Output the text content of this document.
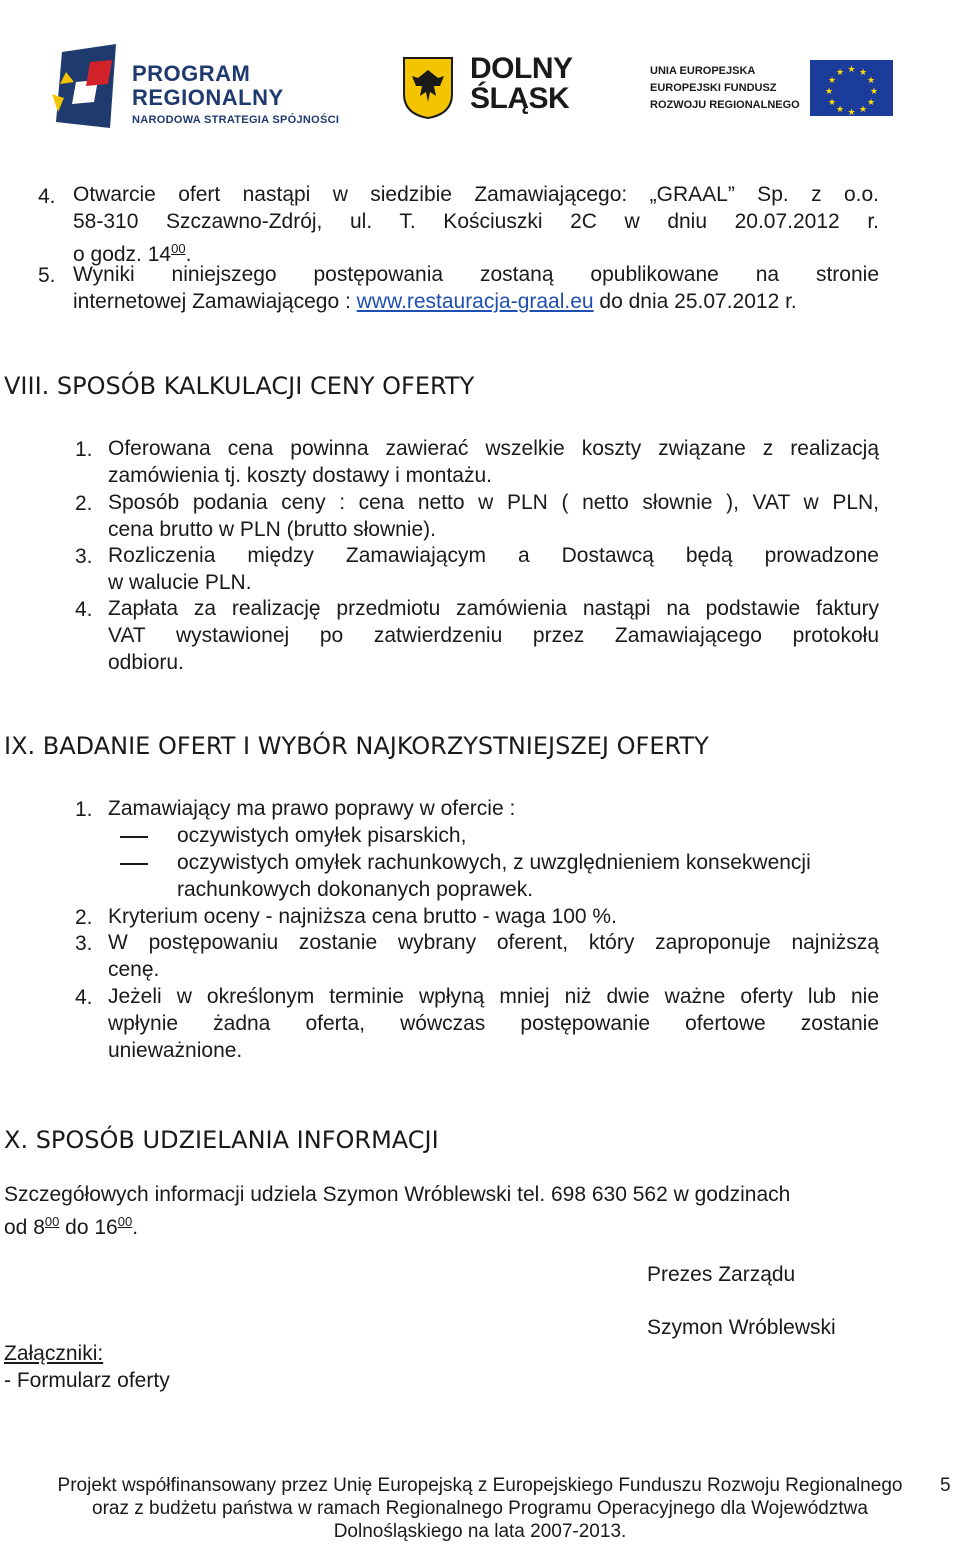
PROGRAM
REGIONALNY
NARODOWA STRATEGIA SPÓJNOŚCI
DOLNY
ŚLĄSK
UNIA EUROPEJSKA
EUROPEJSKI FUNDUSZ
ROZWOJU REGIONALNEGO
★ ★
★
★
★
★
★
★
★
★
★
★
4. Otwarcie ofert nastąpi w siedzibie Zamawiającego: „GRAAL” Sp. z o.o.
58-310 Szczawno-Zdrój, ul. T. Kościuszki 2C w dniu 20.07.2012 r.
o godz. $14^{00}$.
5. Wyniki niniejszego postępowania zostaną opublikowane na stronie
internetowej Zamawiającego : www.restauracja-graal.eu do dnia 25.07.2012 r.
VIII. SPOSÓB KALKULACJI CENY OFERTY
1. Oferowana cena powinna zawierać wszelkie koszty związane z realizacją
zamówienia tj. koszty dostawy i montażu.
2. Sposób podania ceny : cena netto w PLN ( netto słownie ), VAT w PLN,
cena brutto w PLN (brutto słownie).
3. Rozliczenia między Zamawiającym a Dostawcą będą prowadzone
w walucie PLN.
4. Zapłata za realizację przedmiotu zamówienia nastąpi na podstawie faktury
VAT wystawionej po zatwierdzeniu przez Zamawiającego protokołu
odbioru.
IX. BADANIE OFERT I WYBÓR NAJKORZYSTNIEJSZEJ OFERTY
1. Zamawiający ma prawo poprawy w ofercie :
oczywistych omyłek pisarskich,
oczywistych omyłek rachunkowych, z uwzględnieniem konsekwencji
rachunkowych dokonanych poprawek.
2. Kryterium oceny - najniższa cena brutto - waga 100 %.
3. W postępowaniu zostanie wybrany oferent, który zaproponuje najniższą
cenę.
4. Jeżeli w określonym terminie wpłyną mniej niż dwie ważne oferty lub nie
wpłynie żadna oferta, wówczas postępowanie ofertowe zostanie
unieważnione.
X. SPOSÓB UDZIELANIA INFORMACJI
Szczegółowych informacji udziela Szymon Wróblewski tel. 698 630 562 w godzinach
od $8^{00}$ do $16^{00}$.
Prezes Zarządu
Szymon Wróblewski
Załączniki:
- Formularz oferty
Projekt współfinansowany przez Unię Europejską z Europejskiego Funduszu Rozwoju Regionalnego
oraz z budżetu państwa w ramach Regionalnego Programu Operacyjnego dla Województwa
Dolnośląskiego na lata 2007-2013.
5
